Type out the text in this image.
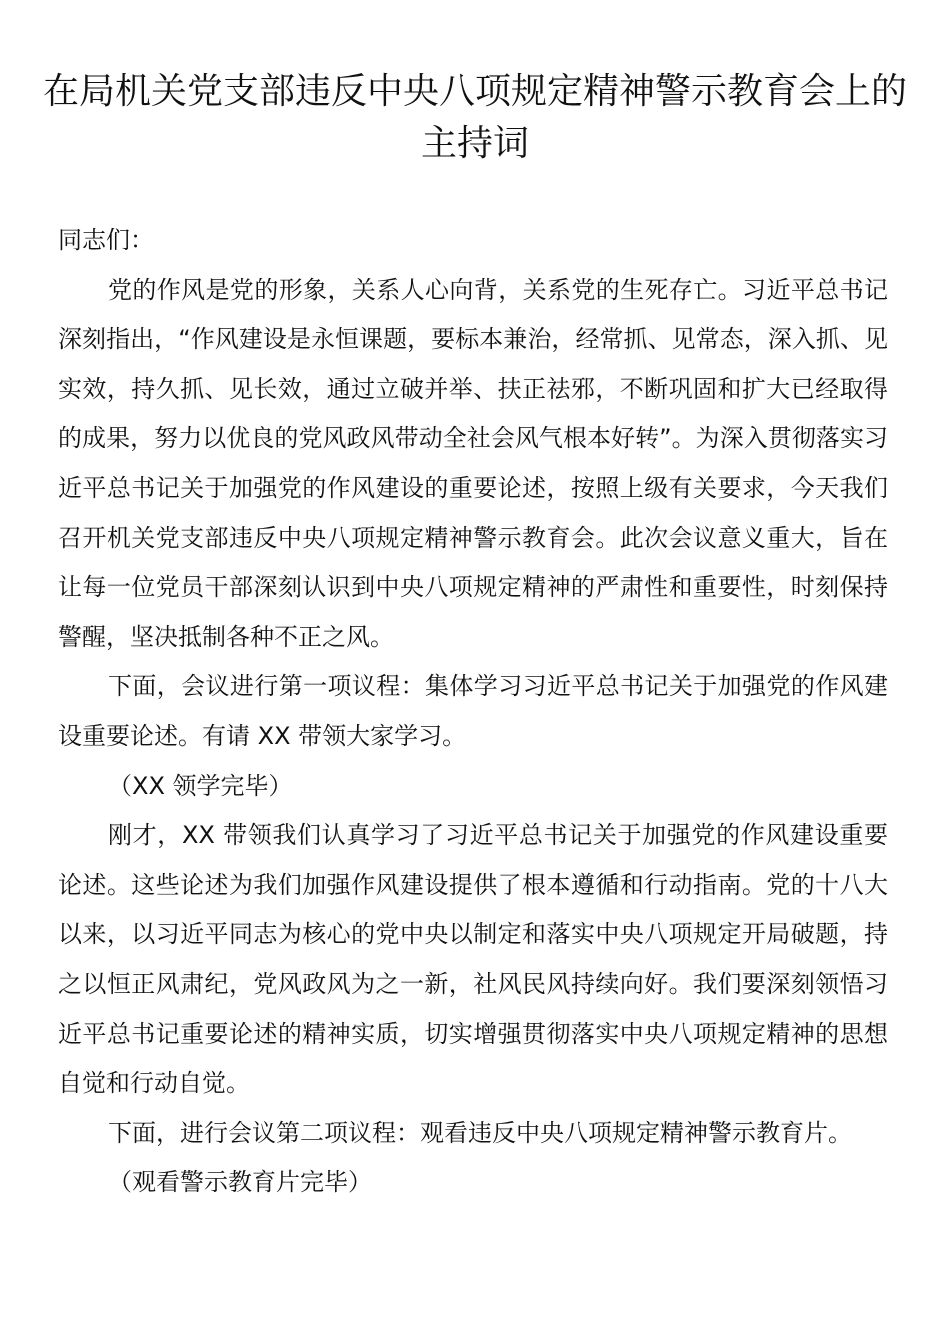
在局机关党支部违反中央八项规定精神警示教育会上的主持词

同志们：

党的作风是党的形象，关系人心向背，关系党的生死存亡。习近平总书记深刻指出，“作风建设是永恒课题，要标本兼治，经常抓、见常态，深入抓、见实效，持久抓、见长效，通过立破并举、扶正祛邪，不断巩固和扩大已经取得的成果，努力以优良的党风政风带动全社会风气根本好转”。为深入贯彻落实习近平总书记关于加强党的作风建设的重要论述，按照上级有关要求，今天我们召开机关党支部违反中央八项规定精神警示教育会。此次会议意义重大，旨在让每一位党员干部深刻认识到中央八项规定精神的严肃性和重要性，时刻保持警醒，坚决抵制各种不正之风。

下面，会议进行第一项议程：集体学习习近平总书记关于加强党的作风建设重要论述。有请 XX 带领大家学习。

（XX 领学完毕）

刚才，XX 带领我们认真学习了习近平总书记关于加强党的作风建设重要论述。这些论述为我们加强作风建设提供了根本遵循和行动指南。党的十八大以来，以习近平同志为核心的党中央以制定和落实中央八项规定开局破题，持之以恒正风肃纪，党风政风为之一新，社风民风持续向好。我们要深刻领悟习近平总书记重要论述的精神实质，切实增强贯彻落实中央八项规定精神的思想自觉和行动自觉。

下面，进行会议第二项议程：观看违反中央八项规定精神警示教育片。

（观看警示教育片完毕）
